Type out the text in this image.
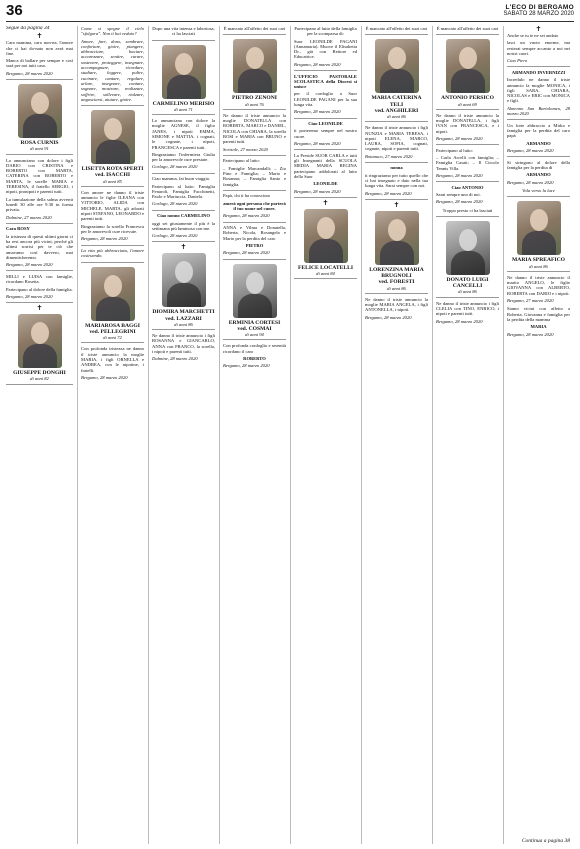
36	L'ECO DI BERGAMO
SABATO 28 MARZO 2020
Segue da pagina 34
✝
Cara mamma, caro non-na, l'amore che ci hai do-nato non avrà mai fine.
Manca di ballare per sempre e così sarà per noi tutti caso.
Bergamo, 28 marzo 2020
ROSA CURNIS
di anni 91
Lo annunciano con dolore i figli DARIO con CRISTINA e ROBERTO con MARTA, CATERINA con ROBERTO e MARTA, le sorelle MARIA e TERESINA, il fratello SERGIO, i nipoti, pronipoti e parenti tutti.
La tumulazione della salma avverrà lunedì 30 alle ore 9.30 in forma privata.
Dalmine, 27 marzo 2020
Cara ROSY
la tristezza di questi ultimi giorni ci ha resi ancora più vicini, perché gli ultimi sorrisi per te ciò che amavamo così davvero, mai dimenticheremo.
Bergamo, 28 marzo 2020
MILLI e LUISA con famiglie, ricordano Rosetta.
Partecipano al dolore della famiglia.
Bergamo, 28 marzo 2020
✝
GIUSEPPE DONGHI
di anni 82
Come si spegne il cielo "sfolgora". Non ti hai veduto?
Amore, fare, dono, sembrare, confortare, gioire, piangere, abbracciare, baciare, accarezzare, sentire, curare, sostenere, proteggere, insegnare, accompagnare, ricordare, studiare, leggere, pulire, cucinare, cantare, regalare, urlare, insegnare, contare, sognare, mostrare, realizzare, soffrire, sollevare, rialzare, angosciarsi, aiutare, gioire.
LISETTA ROTA SPERTI
ved. ISACCHI
di anni 85
Con amore ne danno il triste annuncio le figlie ILEANA con VITTORIO, ALIDA con MICHELE, MARTA, gli adorati nipoti STEFANO, LEONARDO e parenti tutti.
Ringraziamo la sorella Francesca per le amorevoli cure ricevute.
Bergamo, 28 marzo 2020
La vita più abbracciata, l'amore costruendo.
MARIAROSA BAGGI
ved. PELLEGRINI
di anni 72
Con profonda tristezza ne danno il triste annuncio la moglie MARIA, i figli ORNELLA e ANDREA, con le nipotine, i fratelli.
Bergamo, 28 marzo 2020
Dopo una vita intensa e laboriosa, ci ha lasciati
CARMELINO MERISIO
di anni 71
Lo annunciano con dolore la moglie AGNESE, il figlio JANES, i nipoti EMMA, SIMONE e MATTIA, i cognati, le cognate, i nipoti, FRANCESCA e parenti tutti.
Ringraziamo l'infermiera Giulia per la amorevole cure prestate.
Gorlago, 28 marzo 2020
Ciao mamma, fai buon viaggio.
Partecipano al lutto: Famiglia Fenaroli, Famiglia Facchinetti, Paolo e Mariuccia, Daniela.
Gorlago, 28 marzo 2020
Ciao nonno CARMELINO
oggi sei giustamente il più è la settimana più luminosa con me.
Gorlago, 28 marzo 2020
✝
DIOMIRA MARCHETTI
ved. LAZZARI
di anni 86
Ne danno il triste annuncio i figli ROSANNA e GIANCARLO, ANNA con FRANCO, la sorella, i nipoti e parenti tutti.
Dalmine, 28 marzo 2020
È mancato all'affetto dei suoi cari
PIETRO ZENONI
di anni 76
Ne danno il triste annuncio la moglie DONATELLA con ROBERTA, MARCO e DANIEL, NICOLA con CHIARA, la sorella ROSI e MARIA con BRUNO e parenti tutti.
Sorisole, 27 marzo 2020
Partecipano al lutto:
– Famiglie Marcandalli; – Zio Pino e Famiglia; – Mario e Rosanna; – Famiglia Santo e famiglia.
Papà, chi ti ha conosciuto
amerà ogni persona che porterà il tuo nome nel cuore.
Bergamo, 28 marzo 2020
ANNA e Vilma e Donatella, Roberta, Nicola, Rosangela e Mario per la perdita del caro
PIETRO
Bergamo, 28 marzo 2020
ERMINIA CORTESI
ved. COSMAI
di anni 94
Con profonda cordoglio e serenità ricordano il caro
ROBERTO
Bergamo, 28 marzo 2020
Partecipano al lutto della famiglia per la scomparsa di:
Suor LEONILDE PAGANI (Annamaria). Muove il Elisabetta Dr., già con Rettore ed Educatrice.
Bergamo, 28 marzo 2020
L'UFFICIO PASTORALE SCOLASTICA della Diocesi si unisce
per il cordoglio a Suor LEONILDE PAGANI per la sua lunga vita.
Bergamo, 28 marzo 2020
Ciao LEONILDE
ti porteremo sempre nel nostro cuore.
Bergamo, 28 marzo 2020
La Preside SUOR CARLA e tutti gli Insegnanti della SCUOLA MEDIA MARIA REGINA partecipano addolorati al lutto della Suor
LEONILDE
Bergamo, 28 marzo 2020
✝
FELICE LOCATELLI
di anni 84
È mancato all'affetto dei suoi cari
MARIA CATERINA TELI
ved. ANGHILERI
di anni 86
Ne danno il triste annuncio i figli NUNZIA e MARIA TERESA, i nipoti ELENA, MARCO, LAURA, SOFIA, cognati, cognate, nipoti e parenti tutti.
Botanuco, 27 marzo 2020
nonna
ti ringraziamo per tutto quello che ci hai insegnato e dato nella tua lunga vita. Sarai sempre con noi.
Bergamo, 28 marzo 2020
✝
LORENZINA MARIA BRUGNOLI
ved. FORESTI
di anni 86
Ne danno il triste annuncio la moglie MARIA ANGELA, i figli ANTONELLA, i nipoti.
Bergamo, 28 marzo 2020
È mancato all'affetto dei suoi cari
ANTONIO PERSICO
di anni 69
Ne danno il triste annuncio la moglie DONATELLA, i figli IVAN con FRANCESCA, e i nipoti.
Bergamo, 28 marzo 2020
Partecipano al lutto:
– Carlo Arcelli con famiglia; – Famiglia Casati; – Il Circolo Tennis Villa.
Bergamo, 28 marzo 2020
Ciao ANTONIO
Sarai sempre uno di noi.
Bergamo, 28 marzo 2020
Troppo presto ci ha lasciati
DONATO LUIGI CANCELLI
di anni 86
Ne danno il triste annuncio i figli CLELIA con TINO, ENRICO, i nipoti e parenti tutti.
Bergamo, 28 marzo 2020
✝
Anche se tu te ne sei andato
lasci un vuoto enorme, ma resterai sempre accanto a noi nei nostri cuori.
Ciao Piero
ARMANDO INVERNIZZI
Incredulo ne danno il triste annuncio la moglie MONICA, i figli SARA, CHIARA, NICOLAS e ERIC con MONICA e figli.
Almenno San Bartolomeo, 28 marzo 2020
Un forte abbraccio a Mirko e famiglia per la perdita del caro papà
ARMANDO
Bergamo, 28 marzo 2020
Si stringono al dolore della famiglia per la perdita di
ARMANDO
Bergamo, 28 marzo 2020
Vola verso la luce
MARIA SPREAFICO
di anni 86
Ne danno il triste annuncio il marito ANGELO, le figlie GIOVANNA con ALBERTO, ROBERTA con DARIO e i nipoti.
Bergamo, 27 marzo 2020
Siamo vicini con affetto a Roberta, Giovanna e famiglia per la perdita della mamma
MARIA
Bergamo, 28 marzo 2020
Continua a pagina 38
